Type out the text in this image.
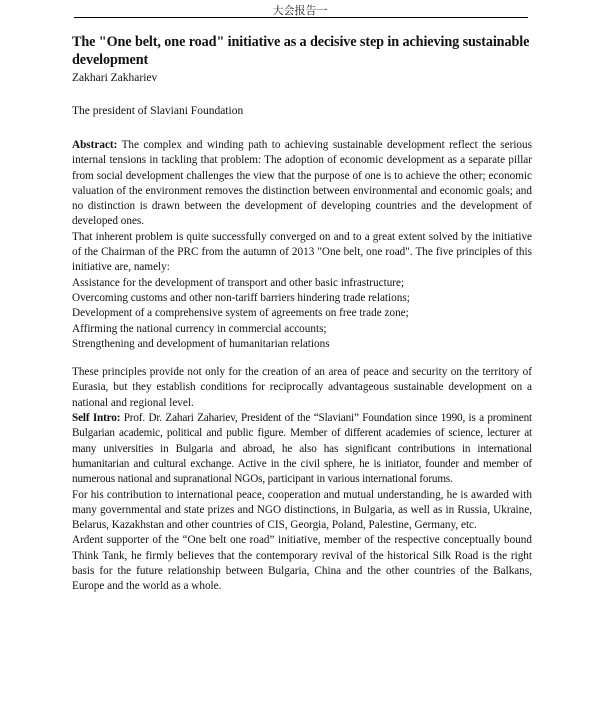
大会报告一
The "One belt, one road" initiative as a decisive step in achieving sustainable development
Zakhari Zakhariev
The president of Slaviani Foundation

Abstract: The complex and winding path to achieving sustainable development reflect the serious internal tensions in tackling that problem: The adoption of economic development as a separate pillar from social development challenges the view that the purpose of one is to achieve the other; economic valuation of the environment removes the distinction between environmental and economic goals; and no distinction is drawn between the development of developing countries and the development of developed ones.

That inherent problem is quite successfully converged on and to a great extent solved by the initiative of the Chairman of the PRC from the autumn of 2013 "One belt, one road". The five principles of this initiative are, namely:

Assistance for the development of transport and other basic infrastructure;
Overcoming customs and other non-tariff barriers hindering trade relations;
Development of a comprehensive system of agreements on free trade zone;
Affirming the national currency in commercial accounts;
Strengthening and development of humanitarian relations

These principles provide not only for the creation of an area of peace and security on the territory of Eurasia, but they establish conditions for reciprocally advantageous sustainable development on a national and regional level.

Self Intro: Prof. Dr. Zahari Zahariev, President of the “Slaviani” Foundation since 1990, is a prominent Bulgarian academic, political and public figure. Member of different academies of science, lecturer at many universities in Bulgaria and abroad, he also has significant contributions in international humanitarian and cultural exchange. Active in the civil sphere, he is initiator, founder and member of numerous national and supranational NGOs, participant in various international forums.

For his contribution to international peace, cooperation and mutual understanding, he is awarded with many governmental and state prizes and NGO distinctions, in Bulgaria, as well as in Russia, Ukraine, Belarus, Kazakhstan and other countries of CIS, Georgia, Poland, Palestine, Germany, etc.

Ardent supporter of the “One belt one road” initiative, member of the respective conceptually bound Think Tank, he firmly believes that the contemporary revival of the historical Silk Road is the right basis for the future relationship between Bulgaria, China and the other countries of the Balkans, Europe and the world as a whole.
